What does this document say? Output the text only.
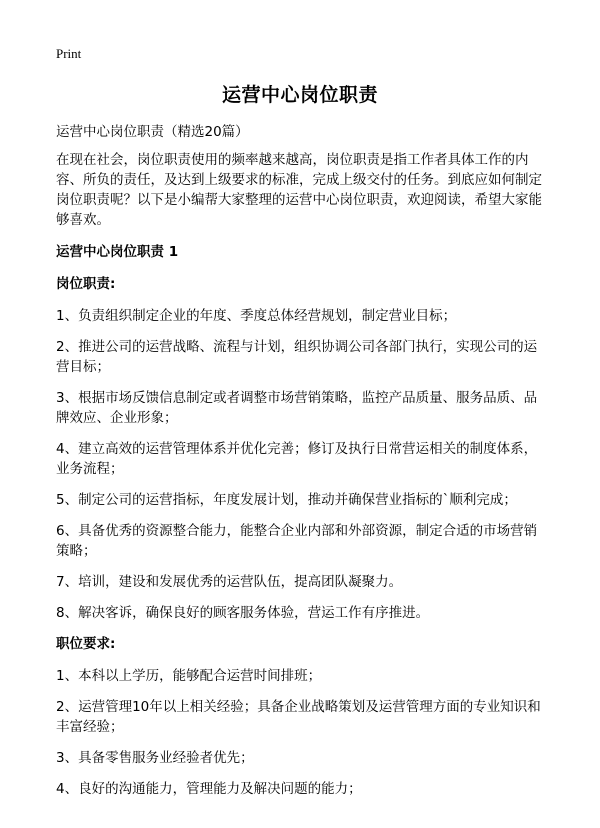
Print
运营中心岗位职责
运营中心岗位职责（精选20篇）
在现在社会，岗位职责使用的频率越来越高，岗位职责是指工作者具体工作的内容、所负的责任，及达到上级要求的标准，完成上级交付的任务。到底应如何制定岗位职责呢？以下是小编帮大家整理的运营中心岗位职责，欢迎阅读，希望大家能够喜欢。
运营中心岗位职责 1
岗位职责:
1、负责组织制定企业的年度、季度总体经营规划，制定营业目标；
2、推进公司的运营战略、流程与计划，组织协调公司各部门执行，实现公司的运营目标；
3、根据市场反馈信息制定或者调整市场营销策略，监控产品质量、服务品质、品牌效应、企业形象；
4、建立高效的运营管理体系并优化完善；修订及执行日常营运相关的制度体系，业务流程；
5、制定公司的运营指标，年度发展计划，推动并确保营业指标的`顺利完成；
6、具备优秀的资源整合能力，能整合企业内部和外部资源，制定合适的市场营销策略；
7、培训，建设和发展优秀的运营队伍，提高团队凝聚力。
8、解决客诉，确保良好的顾客服务体验，营运工作有序推进。
职位要求:
1、本科以上学历，能够配合运营时间排班；
2、运营管理10年以上相关经验；具备企业战略策划及运营管理方面的专业知识和丰富经验；
3、具备零售服务业经验者优先；
4、良好的沟通能力，管理能力及解决问题的能力；
